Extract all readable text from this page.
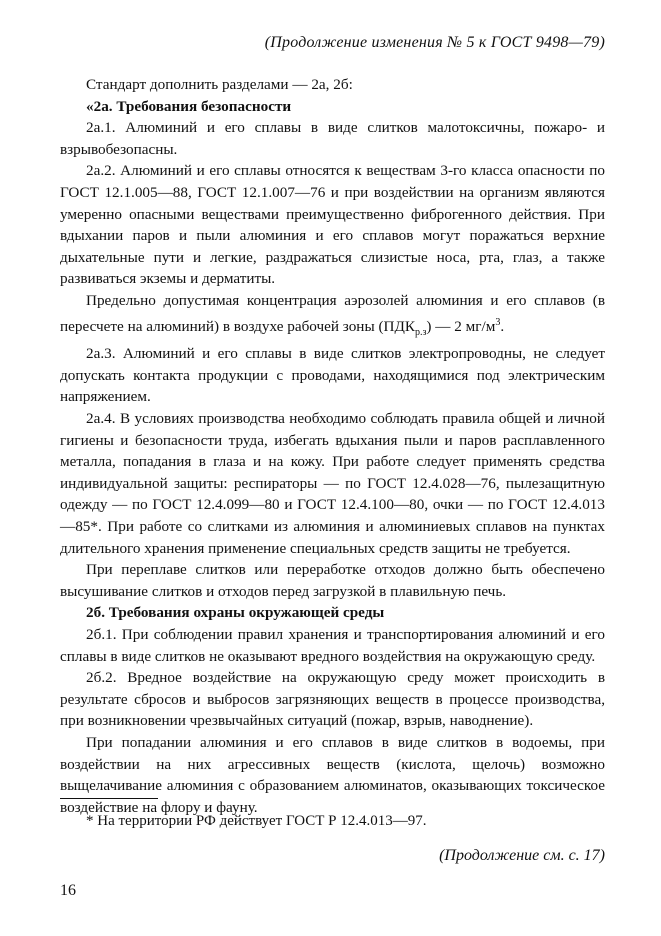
(Продолжение изменения № 5 к ГОСТ 9498—79)

Стандарт дополнить разделами — 2а, 2б:

«2а. Требования безопасности

2а.1. Алюминий и его сплавы в виде слитков малотоксичны, пожаро- и взрывобезопасны.

2а.2. Алюминий и его сплавы относятся к веществам 3-го класса опасности по ГОСТ 12.1.005—88, ГОСТ 12.1.007—76 и при воздействии на организм являются умеренно опасными веществами преимущественно фиброгенного действия. При вдыхании паров и пыли алюминия и его сплавов могут поражаться верхние дыхательные пути и легкие, раздражаться слизистые носа, рта, глаз, а также развиваться экземы и дерматиты.

Предельно допустимая концентрация аэрозолей алюминия и его сплавов (в пересчете на алюминий) в воздухе рабочей зоны $(ПДК_{р.з})$ — 2 $мг/м^3$.

2а.3. Алюминий и его сплавы в виде слитков электропроводны, не следует допускать контакта продукции с проводами, находящимися под электрическим напряжением.

2а.4. В условиях производства необходимо соблюдать правила общей и личной гигиены и безопасности труда, избегать вдыхания пыли и паров расплавленного металла, попадания в глаза и на кожу. При работе следует применять средства индивидуальной защиты: респираторы — по ГОСТ 12.4.028—76, пылезащитную одежду — по ГОСТ 12.4.099—80 и ГОСТ 12.4.100—80, очки — по ГОСТ 12.4.013—85*. При работе со слитками из алюминия и алюминиевых сплавов на пунктах длительного хранения применение специальных средств защиты не требуется.

При переплаве слитков или переработке отходов должно быть обеспечено высушивание слитков и отходов перед загрузкой в плавильную печь.

2б. Требования охраны окружающей среды

2б.1. При соблюдении правил хранения и транспортирования алюминий и его сплавы в виде слитков не оказывают вредного воздействия на окружающую среду.

2б.2. Вредное воздействие на окружающую среду может происходить в результате сбросов и выбросов загрязняющих веществ в процессе производства, при возникновении чрезвычайных ситуаций (пожар, взрыв, наводнение).

При попадании алюминия и его сплавов в виде слитков в водоемы, при воздействии на них агрессивных веществ (кислота, щелочь) возможно выщелачивание алюминия с образованием алюминатов, оказывающих токсическое воздействие на флору и фауну.

* На территории РФ действует ГОСТ Р 12.4.013—97.
(Продолжение см. с. 17)
16
